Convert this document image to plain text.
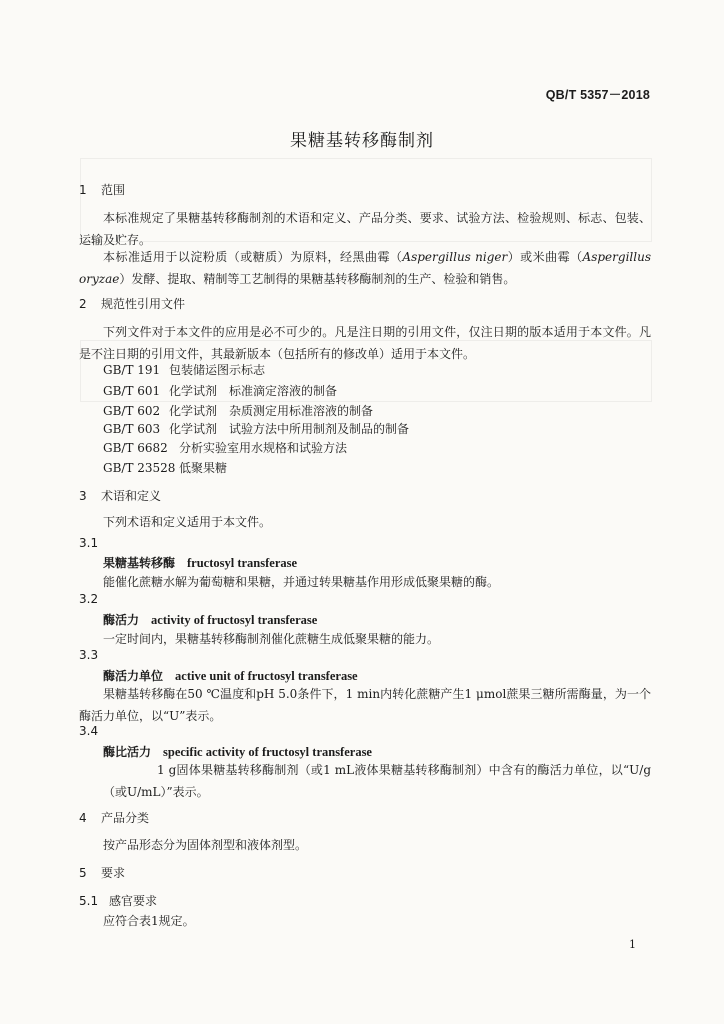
QB/T 5357－2018
果糖基转移酶制剂
1 范围
本标准规定了果糖基转移酶制剂的术语和定义、产品分类、要求、试验方法、检验规则、标志、包装、运输及贮存。
本标准适用于以淀粉质（或糖质）为原料，经黑曲霉（Aspergillus niger）或米曲霉（Aspergillus oryzae）发酵、提取、精制等工艺制得的果糖基转移酶制剂的生产、检验和销售。
2 规范性引用文件
下列文件对于本文件的应用是必不可少的。凡是注日期的引用文件，仅注日期的版本适用于本文件。凡是不注日期的引用文件，其最新版本（包括所有的修改单）适用于本文件。
GB/T 191 包装储运图示标志
GB/T 601 化学试剂　标准滴定溶液的制备
GB/T 602 化学试剂　杂质测定用标准溶液的制备
GB/T 603 化学试剂　试验方法中所用制剂及制品的制备
GB/T 6682 分析实验室用水规格和试验方法
GB/T 23528 低聚果糖
3 术语和定义
下列术语和定义适用于本文件。
3.1
果糖基转移酶 fructosyl transferase
能催化蔗糖水解为葡萄糖和果糖，并通过转果糖基作用形成低聚果糖的酶。
3.2
酶活力 activity of fructosyl transferase
一定时间内，果糖基转移酶制剂催化蔗糖生成低聚果糖的能力。
3.3
酶活力单位 active unit of fructosyl transferase
果糖基转移酶在50 ℃温度和pH 5.0条件下，1 min内转化蔗糖产生1 μmol蔗果三糖所需酶量，为一个酶活力单位，以“U”表示。
3.4
酶比活力 specific activity of fructosyl transferase
1 g固体果糖基转移酶制剂（或1 mL液体果糖基转移酶制剂）中含有的酶活力单位，以“U/g（或U/mL）”表示。
4 产品分类
按产品形态分为固体剂型和液体剂型。
5 要求
5.1 感官要求
应符合表1规定。
1
